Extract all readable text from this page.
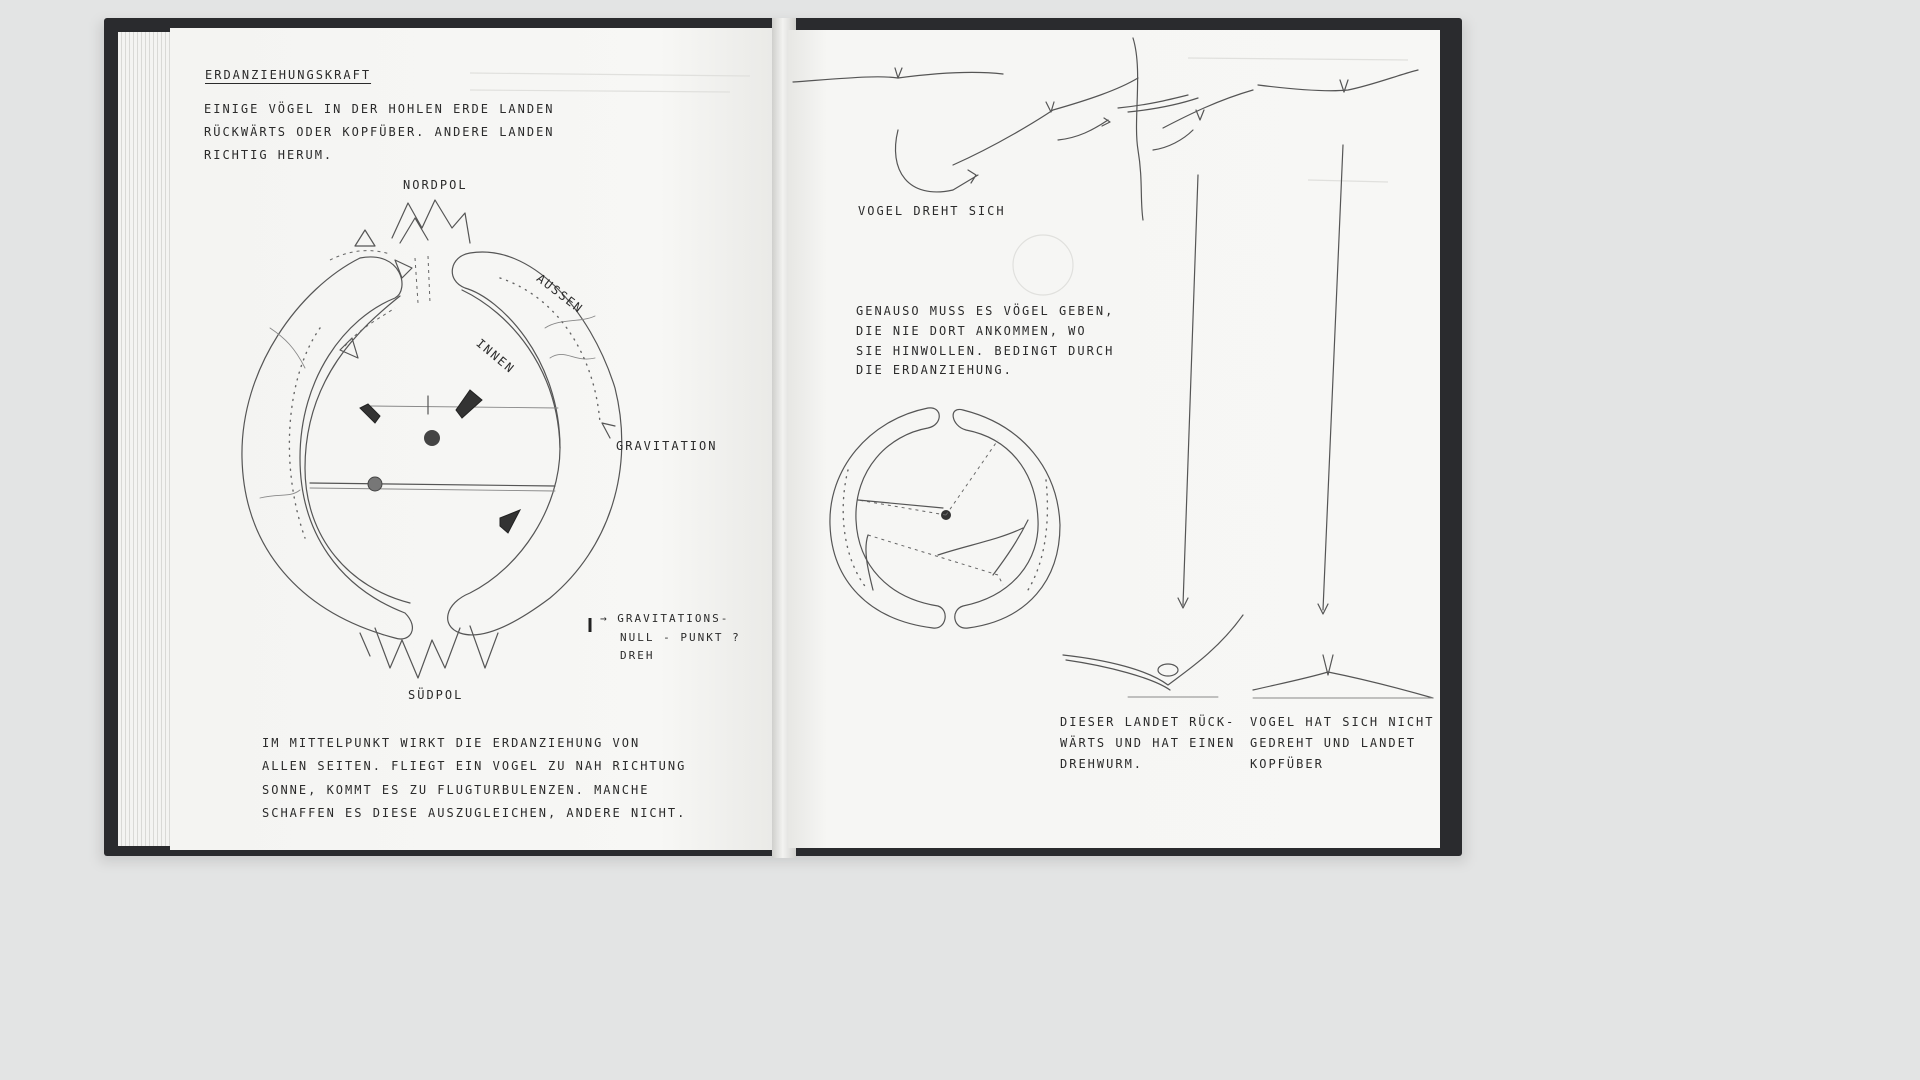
ERDANZIEHUNGSKRAFT
EINIGE VÖGEL IN DER HOHLEN ERDE LANDEN
RÜCKWÄRTS ODER KOPFÜBER. ANDERE LANDEN
RICHTIG HERUM.
NORDPOL
AUSSEN
INNEN
GRAVITATION
SÜDPOL
→ GRAVITATIONS-
NULL - PUNKT ?
DREH
IM MITTELPUNKT WIRKT DIE ERDANZIEHUNG VON
ALLEN SEITEN. FLIEGT EIN VOGEL ZU NAH RICHTUNG
SONNE, KOMMT ES ZU FLUGTURBULENZEN. MANCHE
SCHAFFEN ES DIESE AUSZUGLEICHEN, ANDERE NICHT.
VOGEL DREHT SICH
GENAUSO MUSS ES VÖGEL GEBEN,
DIE NIE DORT ANKOMMEN, WO
SIE HINWOLLEN. BEDINGT DURCH
DIE ERDANZIEHUNG.
DIESER LANDET RÜCK-
WÄRTS UND HAT EINEN
DREHWURM.
VOGEL HAT SICH NICHT
GEDREHT UND LANDET
KOPFÜBER
